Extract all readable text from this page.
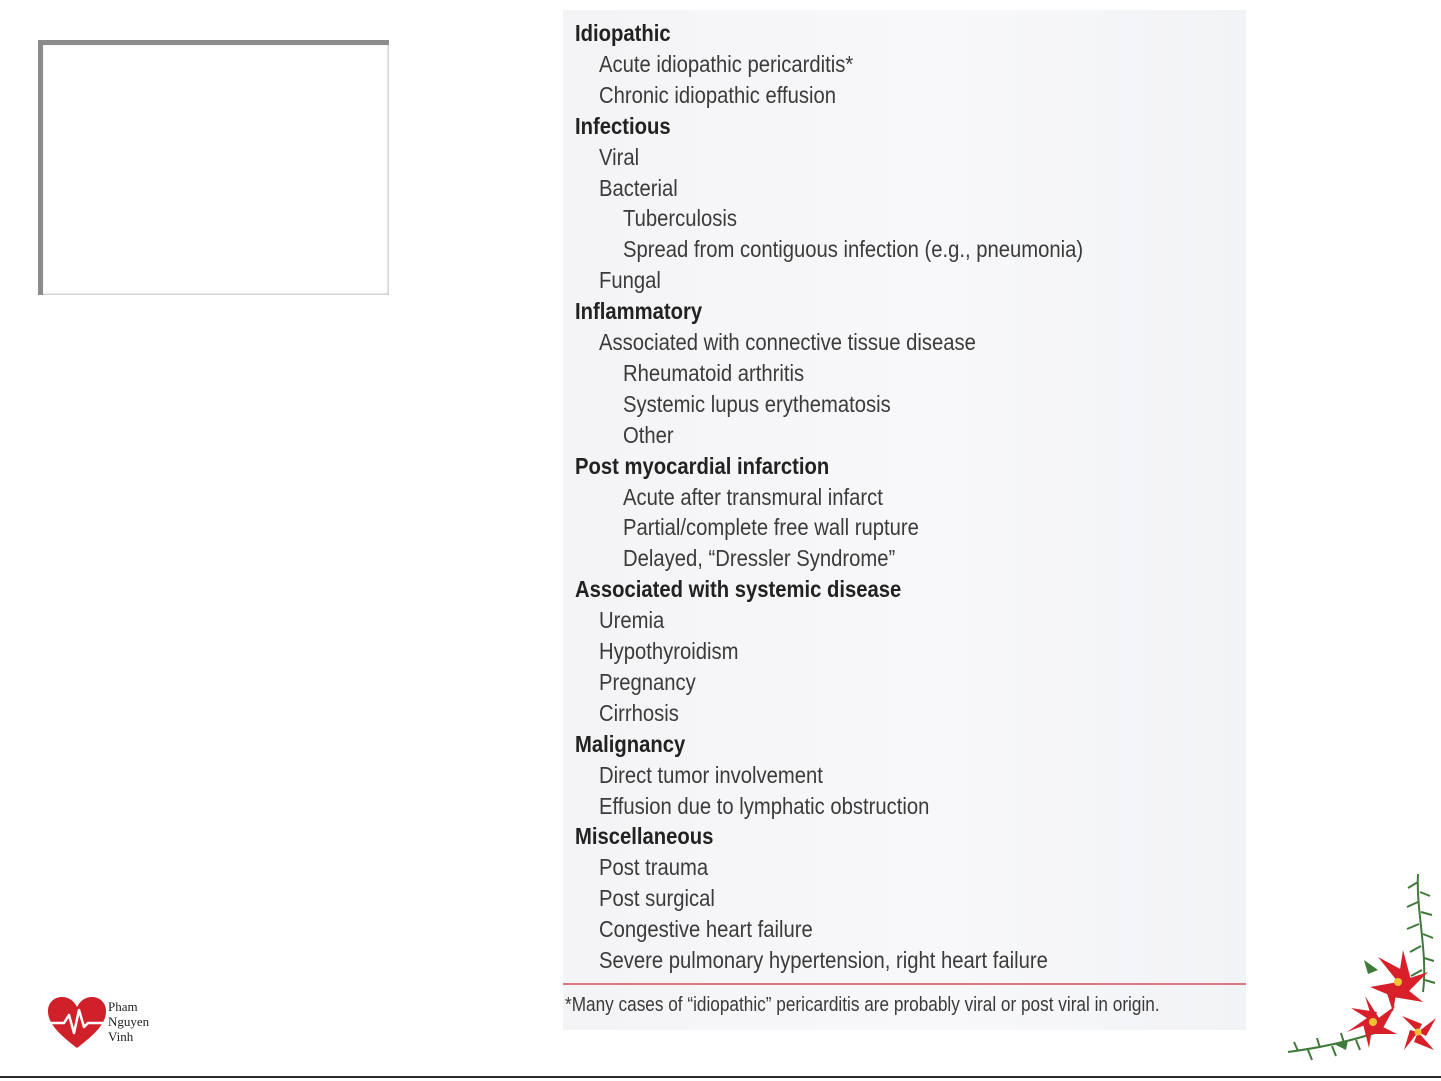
Idiopathic
Acute idiopathic pericarditis*
Chronic idiopathic effusion
Infectious
Viral
Bacterial
Tuberculosis
Spread from contiguous infection (e.g., pneumonia)
Fungal
Inflammatory
Associated with connective tissue disease
Rheumatoid arthritis
Systemic lupus erythematosis
Other
Post myocardial infarction
Acute after transmural infarct
Partial/complete free wall rupture
Delayed, “Dressler Syndrome”
Associated with systemic disease
Uremia
Hypothyroidism
Pregnancy
Cirrhosis
Malignancy
Direct tumor involvement
Effusion due to lymphatic obstruction
Miscellaneous
Post trauma
Post surgical
Congestive heart failure
Severe pulmonary hypertension, right heart failure
*Many cases of “idiopathic” pericarditis are probably viral or post viral in origin.
Pham
Nguyen
Vinh
